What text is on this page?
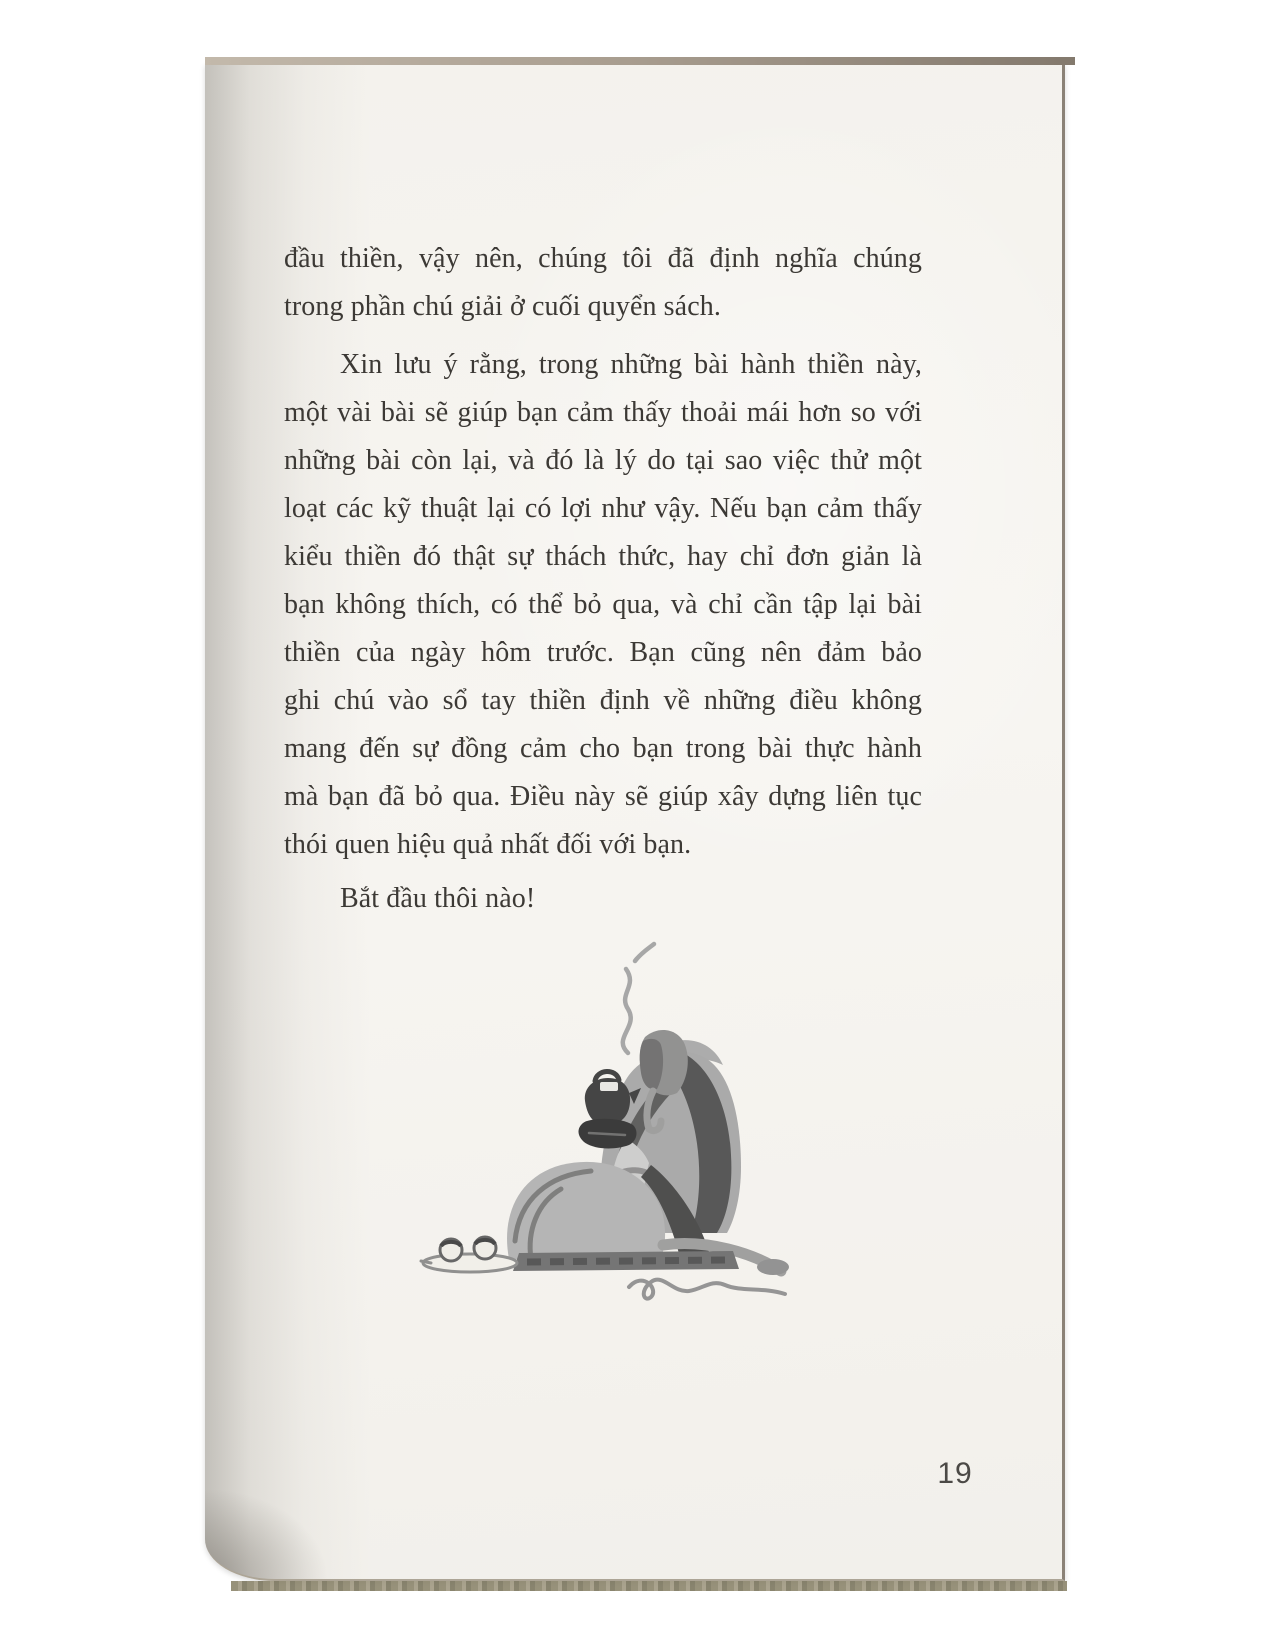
đầu thiền, vậy nên, chúng tôi đã định nghĩa chúng
trong phần chú giải ở cuối quyển sách.
Xin lưu ý rằng, trong những bài hành thiền này,
một vài bài sẽ giúp bạn cảm thấy thoải mái hơn so với
những bài còn lại, và đó là lý do tại sao việc thử một
loạt các kỹ thuật lại có lợi như vậy. Nếu bạn cảm thấy
kiểu thiền đó thật sự thách thức, hay chỉ đơn giản là
bạn không thích, có thể bỏ qua, và chỉ cần tập lại bài
thiền của ngày hôm trước. Bạn cũng nên đảm bảo
ghi chú vào sổ tay thiền định về những điều không
mang đến sự đồng cảm cho bạn trong bài thực hành
mà bạn đã bỏ qua. Điều này sẽ giúp xây dựng liên tục
thói quen hiệu quả nhất đối với bạn.
Bắt đầu thôi nào!
19
